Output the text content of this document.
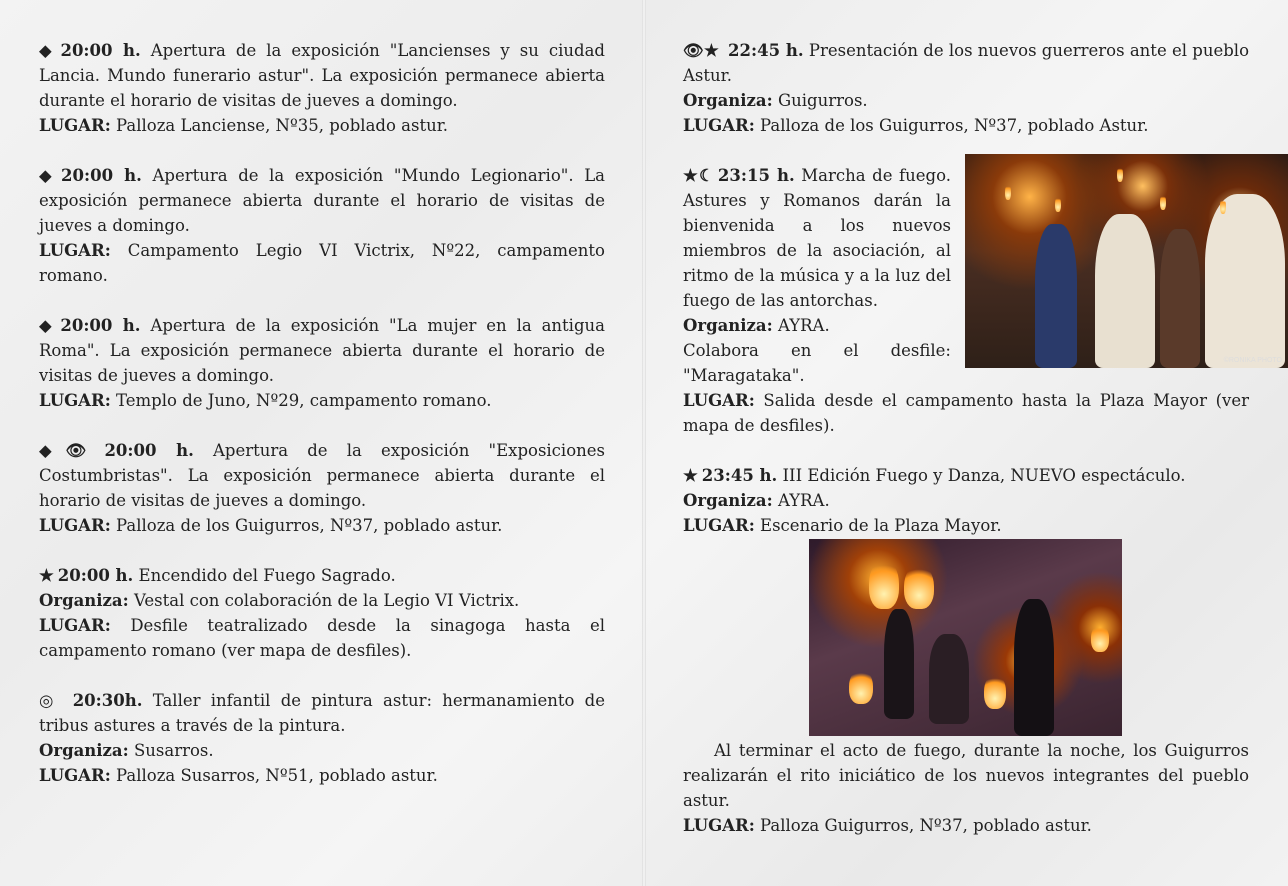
◆ 20:00 h. Apertura de la exposición "Lancienses y su ciudad Lancia. Mundo funerario astur". La exposición permanece abierta durante el horario de visitas de jueves a domingo.

LUGAR: Palloza Lanciense, Nº35, poblado astur.

◆ 20:00 h. Apertura de la exposición "Mundo Legionario". La exposición permanece abierta durante el horario de visitas de jueves a domingo.

LUGAR: Campamento Legio VI Victrix, Nº22, campamento romano.

◆ 20:00 h. Apertura de la exposición "La mujer en la antigua Roma". La exposición permanece abierta durante el horario de visitas de jueves a domingo.

LUGAR: Templo de Juno, Nº29, campamento romano.

◆👁 20:00 h. Apertura de la exposición "Exposiciones Costumbristas". La exposición permanece abierta durante el horario de visitas de jueves a domingo.

LUGAR: Palloza de los Guigurros, Nº37, poblado astur.

★ 20:00 h. Encendido del Fuego Sagrado.

Organiza: Vestal con colaboración de la Legio VI Victrix.

LUGAR: Desfile teatralizado desde la sinagoga hasta el campamento romano (ver mapa de desfiles).

◎ 20:30h. Taller infantil de pintura astur: hermanamiento de tribus astures a través de la pintura.

Organiza: Susarros.

LUGAR: Palloza Susarros, Nº51, poblado astur.

👁★ 22:45 h. Presentación de los nuevos guerreros ante el pueblo Astur.

Organiza: Guigurros.

LUGAR: Palloza de los Guigurros, Nº37, poblado Astur.

★☾ 23:15 h. Marcha de fuego. Astures y Romanos darán la bienvenida a los nuevos miembros de la asociación, al ritmo de la música y a la luz del fuego de las antorchas.

Organiza: AYRA.

Colabora en el desfile: "Maragataka".

LUGAR: Salida desde el campamento hasta la Plaza Mayor (ver mapa de desfiles).

★ 23:45 h. III Edición Fuego y Danza, NUEVO espectáculo.

Organiza: AYRA.

LUGAR: Escenario de la Plaza Mayor.

Al terminar el acto de fuego, durante la noche, los Guigurros realizarán el rito iniciático de los nuevos integrantes del pueblo astur.

LUGAR: Palloza Guigurros, Nº37, poblado astur.

©RONIKA PHOTO
